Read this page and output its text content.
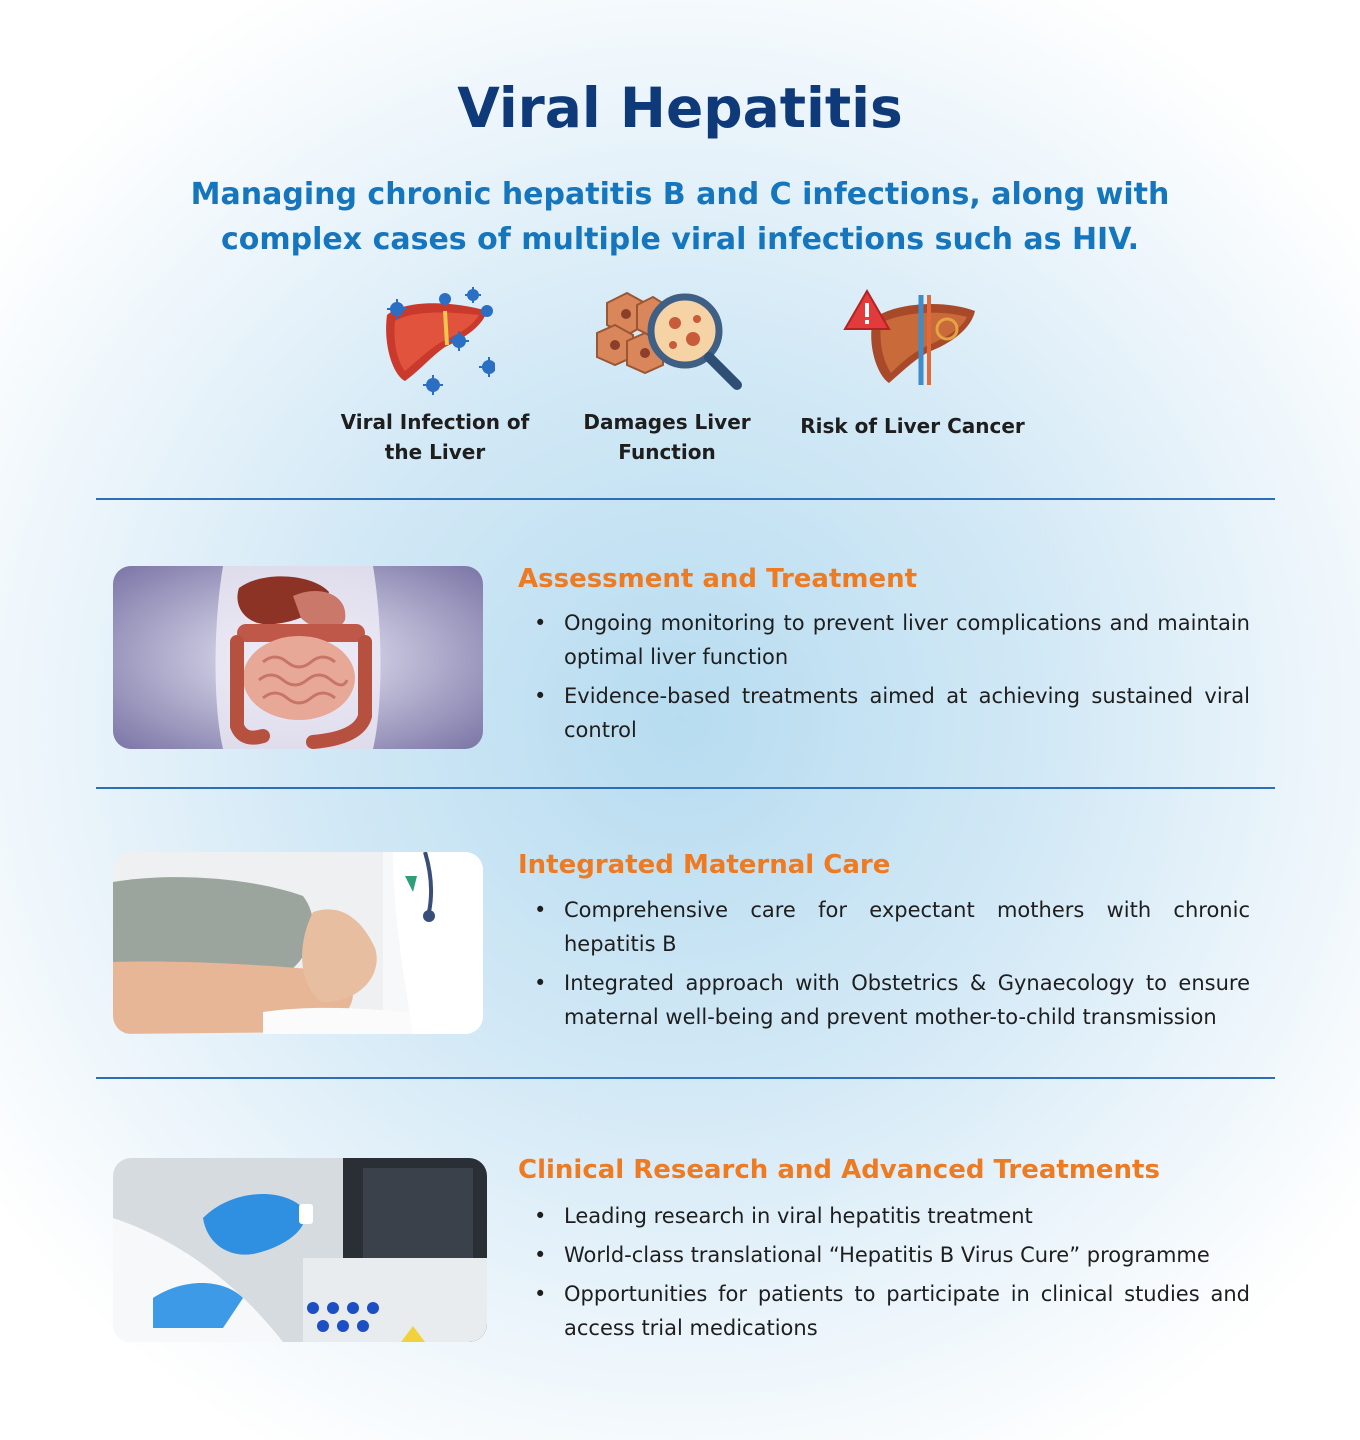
Viral Hepatitis
Managing chronic hepatitis B and C infections, along with complex cases of multiple viral infections such as HIV.
Viral Infection of the Liver
Damages Liver Function
Risk of Liver Cancer
Assessment and Treatment
• Ongoing monitoring to prevent liver complications and maintain optimal liver function
• Evidence-based treatments aimed at achieving sustained viral control
Integrated Maternal Care
• Comprehensive care for expectant mothers with chronic hepatitis B
• Integrated approach with Obstetrics & Gynaecology to ensure maternal well-being and prevent mother-to-child transmission
Clinical Research and Advanced Treatments
• Leading research in viral hepatitis treatment
• World-class translational “Hepatitis B Virus Cure” programme
• Opportunities for patients to participate in clinical studies and access trial medications
